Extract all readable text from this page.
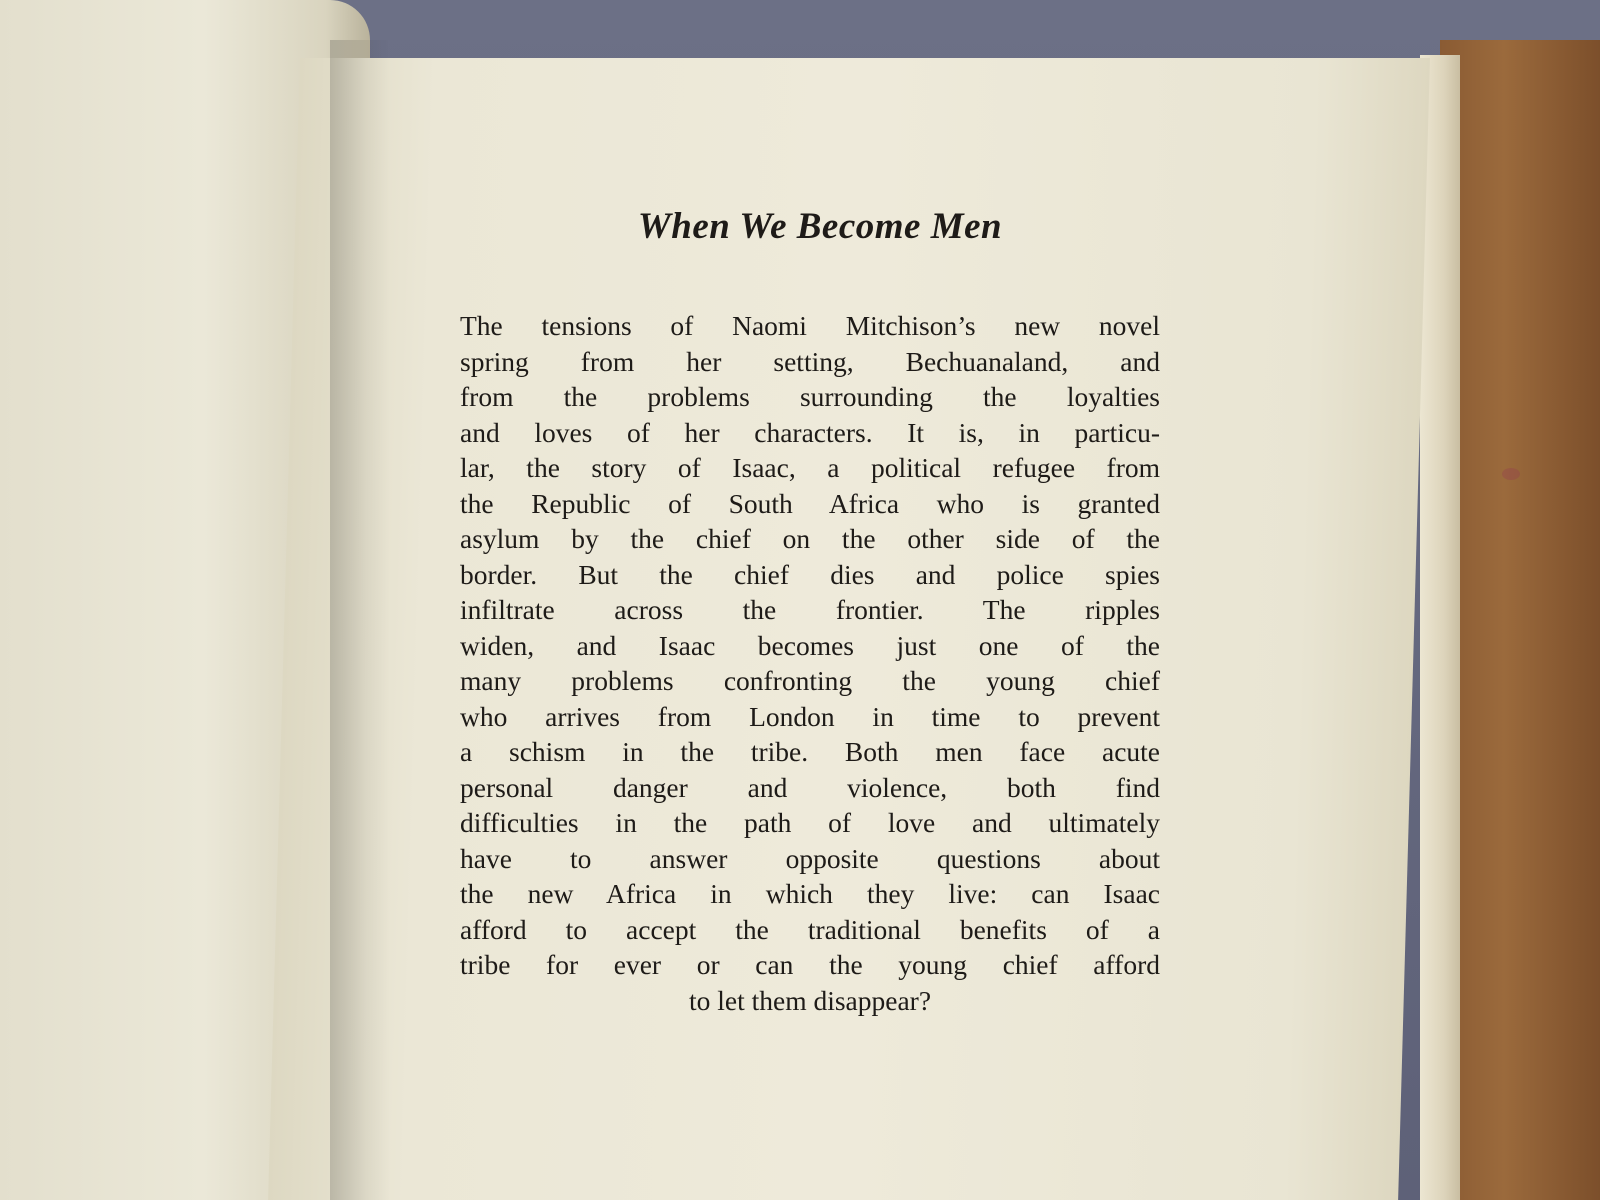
When We Become Men
The tensions of Naomi Mitchison’s new novel
spring from her setting, Bechuanaland, and
from the problems surrounding the loyalties
and loves of her characters. It is, in particu-
lar, the story of Isaac, a political refugee from
the Republic of South Africa who is granted
asylum by the chief on the other side of the
border. But the chief dies and police spies
infiltrate across the frontier. The ripples
widen, and Isaac becomes just one of the
many problems confronting the young chief
who arrives from London in time to prevent
a schism in the tribe. Both men face acute
personal danger and violence, both find
difficulties in the path of love and ultimately
have to answer opposite questions about
the new Africa in which they live: can Isaac
afford to accept the traditional benefits of a
tribe for ever or can the young chief afford
to let them disappear?
